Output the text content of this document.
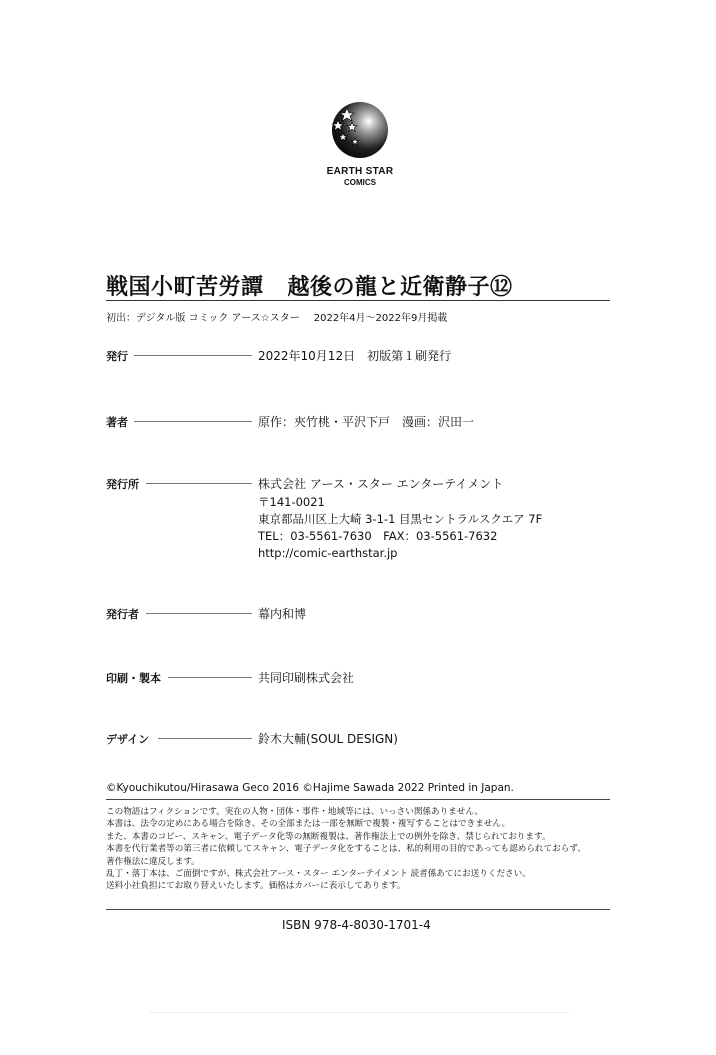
EARTH STAR
COMICS
戦国小町苦労譚 越後の龍と近衛静子⑫
初出：デジタル版 コミック アース☆スター 2022年4月〜2022年9月掲載
発行	2022年10月12日　初版第１刷発行
著者	原作：夾竹桃・平沢下戸　漫画：沢田一
発行所	株式会社 アース・スター エンターテイメント
〒141-0021
東京都品川区上大崎 3-1-1 目黒セントラルスクエア 7F
TEL：03-5561-7630　FAX：03-5561-7632
http://comic-earthstar.jp
発行者	幕内和博
印刷・製本	共同印刷株式会社
デザイン	鈴木大輔(SOUL DESIGN)
©Kyouchikutou/Hirasawa Geco 2016 ©Hajime Sawada 2022 Printed in Japan.
この物語はフィクションです。実在の人物・団体・事件・地域等には、いっさい関係ありません。
本書は、法令の定めにある場合を除き、その全部または一部を無断で複製・複写することはできません。
また、本書のコピー、スキャン、電子データ化等の無断複製は、著作権法上での例外を除き、禁じられております。
本書を代行業者等の第三者に依頼してスキャン、電子データ化をすることは、私的利用の目的であっても認められておらず、
著作権法に違反します。
乱丁・落丁本は、ご面倒ですが、株式会社アース・スター エンターテイメント 読者係あてにお送りください。
送料小社負担にてお取り替えいたします。価格はカバーに表示してあります。
ISBN 978-4-8030-1701-4
